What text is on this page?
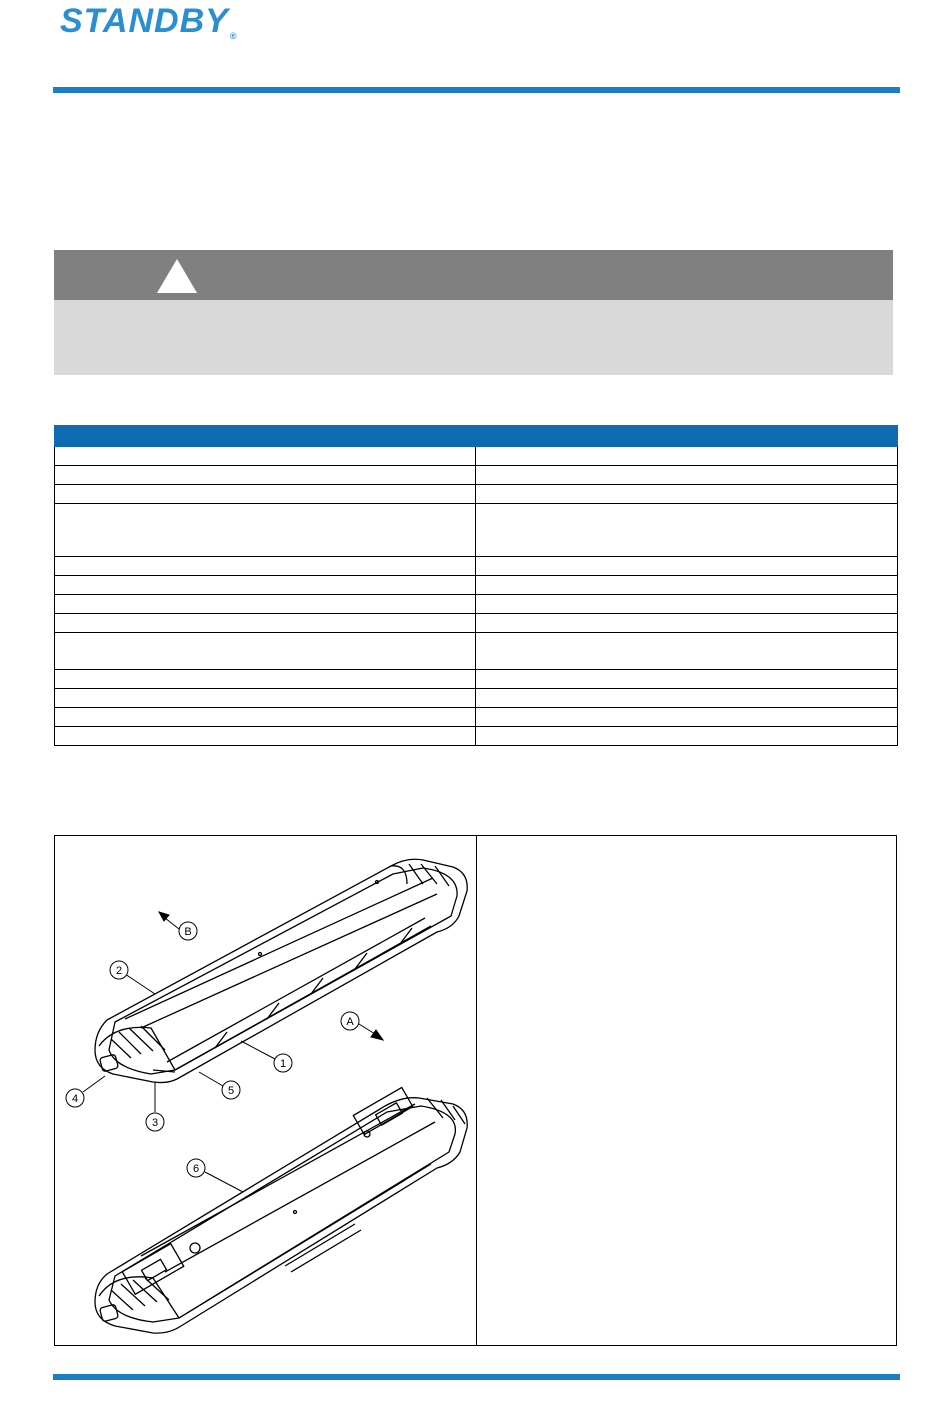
STANDBY®

B
A
2
1
5
4
3
6
